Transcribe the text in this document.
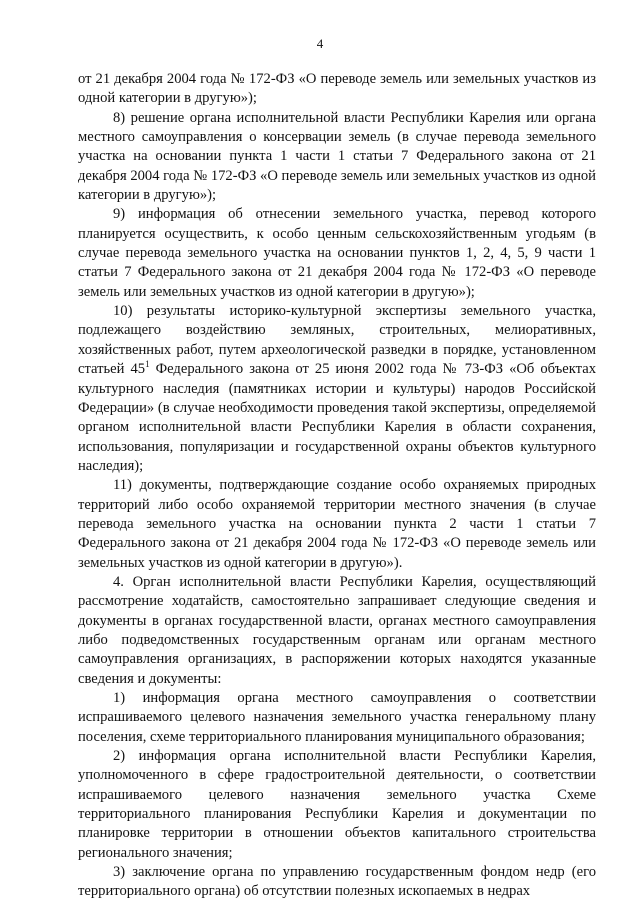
4

от 21 декабря 2004 года № 172-ФЗ «О переводе земель или земельных участков из одной категории в другую»);

8) решение органа исполнительной власти Республики Карелия или органа местного самоуправления о консервации земель (в случае перевода земельного участка на основании пункта 1 части 1 статьи 7 Федерального закона от 21 декабря 2004 года № 172-ФЗ «О переводе земель или земельных участков из одной категории в другую»);

9) информация об отнесении земельного участка, перевод которого планируется осуществить, к особо ценным сельскохозяйственным угодьям (в случае перевода земельного участка на основании пунктов 1, 2, 4, 5, 9 части 1 статьи 7 Федерального закона от 21 декабря 2004 года № 172-ФЗ «О переводе земель или земельных участков из одной категории в другую»);

10) результаты историко-культурной экспертизы земельного участка, подлежащего воздействию земляных, строительных, мелиоративных, хозяйственных работ, путем археологической разведки в порядке, установленном статьей $45^1$ Федерального закона от 25 июня 2002 года № 73-ФЗ «Об объектах культурного наследия (памятниках истории и культуры) народов Российской Федерации» (в случае необходимости проведения такой экспертизы, определяемой органом исполнительной власти Республики Карелия в области сохранения, использования, популяризации и государственной охраны объектов культурного наследия);

11) документы, подтверждающие создание особо охраняемых природных территорий либо особо охраняемой территории местного значения (в случае перевода земельного участка на основании пункта 2 части 1 статьи 7 Федерального закона от 21 декабря 2004 года № 172-ФЗ «О переводе земель или земельных участков из одной категории в другую»).

4. Орган исполнительной власти Республики Карелия, осуществляющий рассмотрение ходатайств, самостоятельно запрашивает следующие сведения и документы в органах государственной власти, органах местного самоуправления либо подведомственных государственным органам или органам местного самоуправления организациях, в распоряжении которых находятся указанные сведения и документы:

1) информация органа местного самоуправления о соответствии испрашиваемого целевого назначения земельного участка генеральному плану поселения, схеме территориального планирования муниципального образования;

2) информация органа исполнительной власти Республики Карелия, уполномоченного в сфере градостроительной деятельности, о соответствии испрашиваемого целевого назначения земельного участка Схеме территориального планирования Республики Карелия и документации по планировке территории в отношении объектов капитального строительства регионального значения;

3) заключение органа по управлению государственным фондом недр (его территориального органа) об отсутствии полезных ископаемых в недрах
